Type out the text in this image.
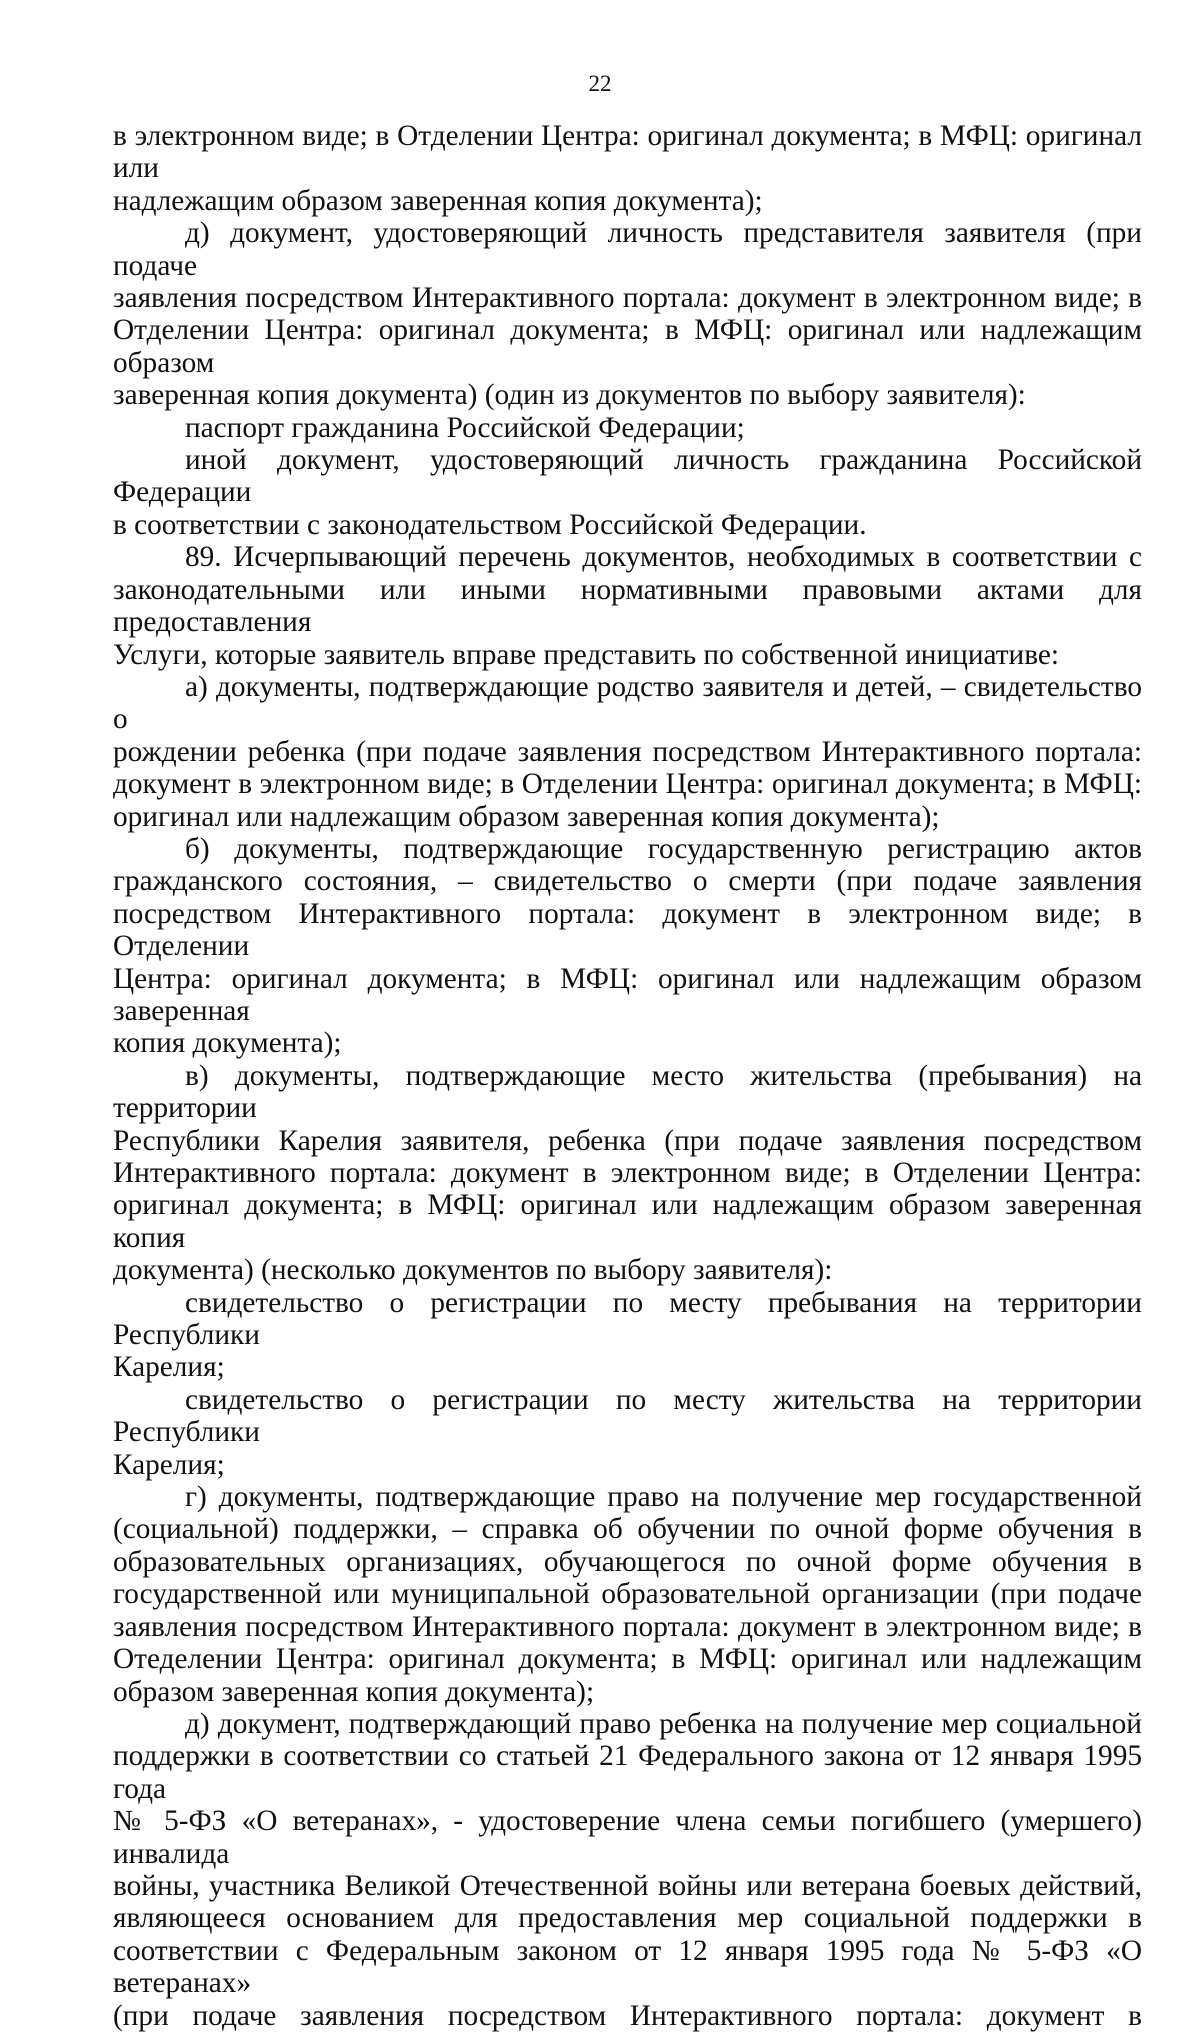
22

в электронном виде; в Отделении Центра: оригинал документа; в МФЦ: оригинал или
надлежащим образом заверенная копия документа);

д) документ, удостоверяющий личность представителя заявителя (при подаче
заявления посредством Интерактивного портала: документ в электронном виде; в
Отделении Центра: оригинал документа; в МФЦ: оригинал или надлежащим образом
заверенная копия документа) (один из документов по выбору заявителя):

паспорт гражданина Российской Федерации;

иной документ, удостоверяющий личность гражданина Российской Федерации
в соответствии с законодательством Российской Федерации.

89. Исчерпывающий перечень документов, необходимых в соответствии с
законодательными или иными нормативными правовыми актами для предоставления
Услуги, которые заявитель вправе представить по собственной инициативе:

а) документы, подтверждающие родство заявителя и детей, – свидетельство о
рождении ребенка (при подаче заявления посредством Интерактивного портала:
документ в электронном виде; в Отделении Центра: оригинал документа; в МФЦ:
оригинал или надлежащим образом заверенная копия документа);

б) документы, подтверждающие государственную регистрацию актов
гражданского состояния, – свидетельство о смерти (при подаче заявления
посредством Интерактивного портала: документ в электронном виде; в Отделении
Центра: оригинал документа; в МФЦ: оригинал или надлежащим образом заверенная
копия документа);

в) документы, подтверждающие место жительства (пребывания) на территории
Республики Карелия заявителя, ребенка (при подаче заявления посредством
Интерактивного портала: документ в электронном виде; в Отделении Центра:
оригинал документа; в МФЦ: оригинал или надлежащим образом заверенная копия
документа) (несколько документов по выбору заявителя):

свидетельство о регистрации по месту пребывания на территории Республики
Карелия;

свидетельство о регистрации по месту жительства на территории Республики
Карелия;

г) документы, подтверждающие право на получение мер государственной
(социальной) поддержки, – справка об обучении по очной форме обучения в
образовательных организациях, обучающегося по очной форме обучения в
государственной или муниципальной образовательной организации (при подаче
заявления посредством Интерактивного портала: документ в электронном виде; в
Отеделении Центра: оригинал документа; в МФЦ: оригинал или надлежащим
образом заверенная копия документа);

д) документ, подтверждающий право ребенка на получение мер социальной
поддержки в соответствии со статьей 21 Федерального закона от 12 января 1995 года
№ 5-ФЗ «О ветеранах», - удостоверение члена семьи погибшего (умершего) инвалида
войны, участника Великой Отечественной войны или ветерана боевых действий,
являющееся основанием для предоставления мер социальной поддержки в
соответствии с Федеральным законом от 12 января 1995 года № 5-ФЗ «О ветеранах»
(при подаче заявления посредством Интерактивного портала: документ в
